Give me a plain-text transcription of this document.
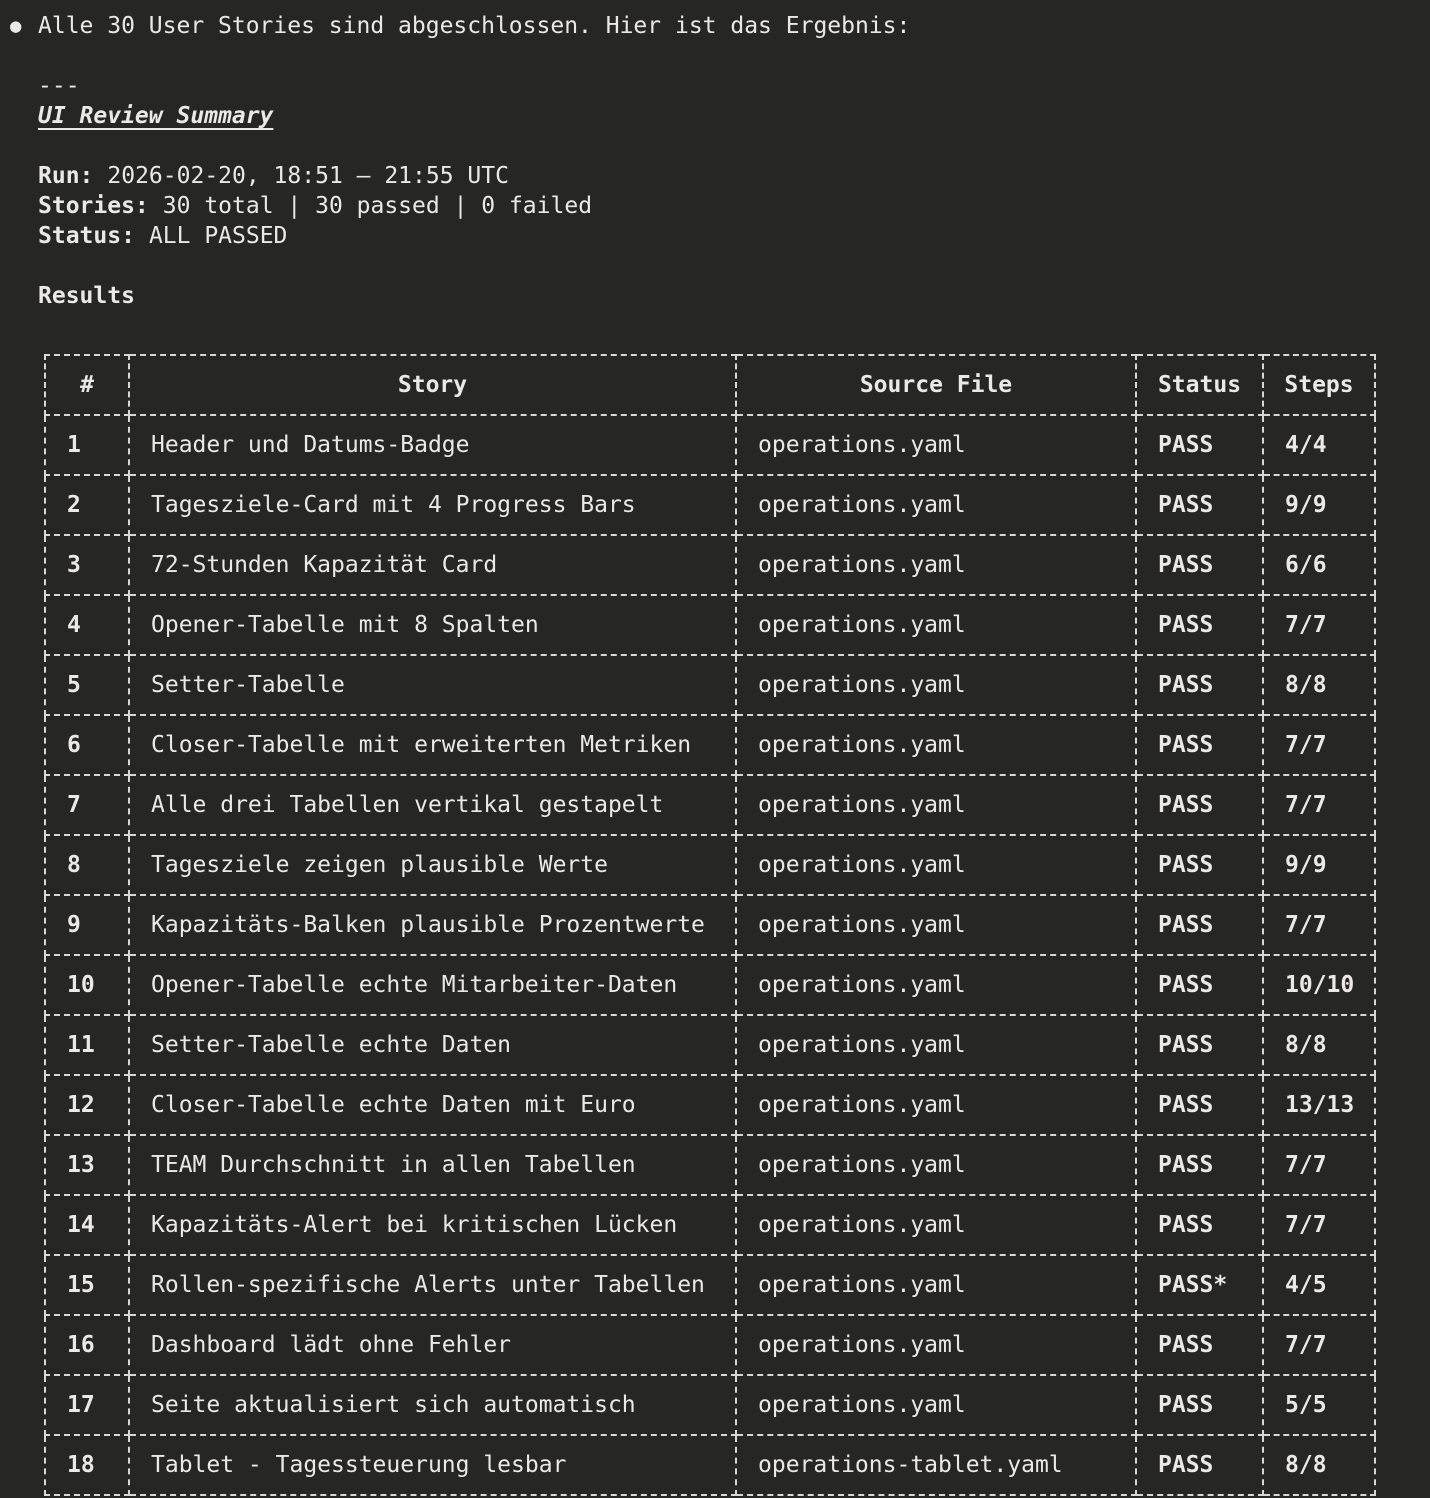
● Alle 30 User Stories sind abgeschlossen. Hier ist das Ergebnis:
---
UI Review Summary
Run: 2026-02-20, 18:51 – 21:55 UTC
Stories: 30 total | 30 passed | 0 failed
Status: ALL PASSED
Results
#	Story	Source File	Status	Steps
1	Header und Datums-Badge	operations.yaml	PASS	4/4
2	Tagesziele-Card mit 4 Progress Bars	operations.yaml	PASS	9/9
3	72-Stunden Kapazität Card	operations.yaml	PASS	6/6
4	Opener-Tabelle mit 8 Spalten	operations.yaml	PASS	7/7
5	Setter-Tabelle	operations.yaml	PASS	8/8
6	Closer-Tabelle mit erweiterten Metriken	operations.yaml	PASS	7/7
7	Alle drei Tabellen vertikal gestapelt	operations.yaml	PASS	7/7
8	Tagesziele zeigen plausible Werte	operations.yaml	PASS	9/9
9	Kapazitäts-Balken plausible Prozentwerte	operations.yaml	PASS	7/7
10	Opener-Tabelle echte Mitarbeiter-Daten	operations.yaml	PASS	10/10
11	Setter-Tabelle echte Daten	operations.yaml	PASS	8/8
12	Closer-Tabelle echte Daten mit Euro	operations.yaml	PASS	13/13
13	TEAM Durchschnitt in allen Tabellen	operations.yaml	PASS	7/7
14	Kapazitäts-Alert bei kritischen Lücken	operations.yaml	PASS	7/7
15	Rollen-spezifische Alerts unter Tabellen	operations.yaml	PASS*	4/5
16	Dashboard lädt ohne Fehler	operations.yaml	PASS	7/7
17	Seite aktualisiert sich automatisch	operations.yaml	PASS	5/5
18	Tablet - Tagessteuerung lesbar	operations-tablet.yaml	PASS	8/8
